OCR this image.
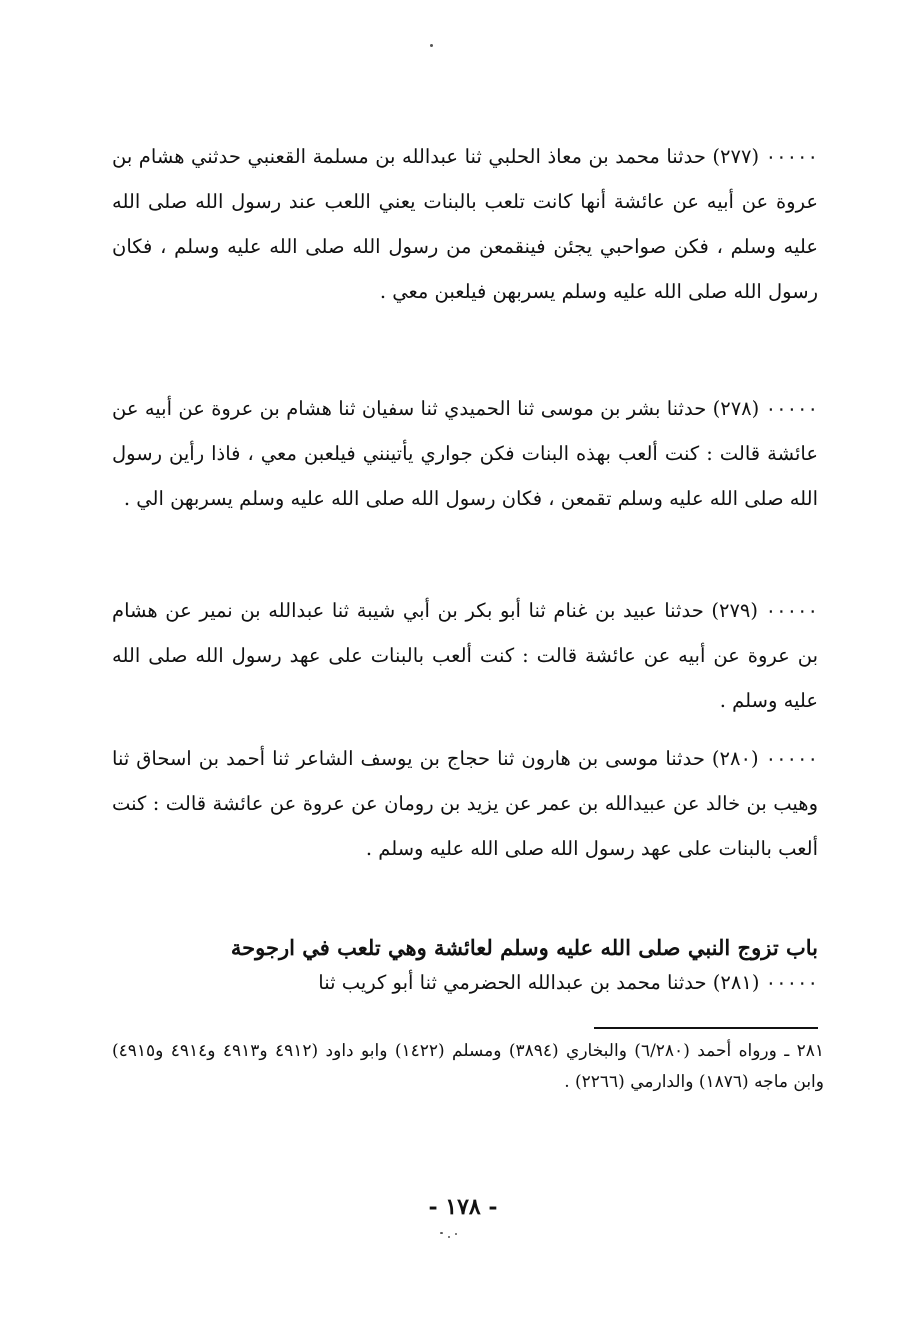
٠٠٠٠٠ (٢٧٧) حدثنا محمد بن معاذ الحلبي ثنا عبدالله بن مسلمة القعنبي حدثني هشام بن عروة عن أبيه عن عائشة أنها كانت تلعب بالبنات يعني اللعب عند رسول الله صلى الله عليه وسلم ، فكن صواحبي يجئن فينقمعن من رسول الله صلى الله عليه وسلم ، فكان رسول الله صلى الله عليه وسلم يسربهن فيلعبن معي .

٠٠٠٠٠ (٢٧٨) حدثنا بشر بن موسى ثنا الحميدي ثنا سفيان ثنا هشام بن عروة عن أبيه عن عائشة قالت : كنت ألعب بهذه البنات فكن جواري يأتينني فيلعبن معي ، فاذا رأين رسول الله صلى الله عليه وسلم تقمعن ، فكان رسول الله صلى الله عليه وسلم يسربهن الي .

٠٠٠٠٠ (٢٧٩) حدثنا عبيد بن غنام ثنا أبو بكر بن أبي شيبة ثنا عبدالله بن نمير عن هشام بن عروة عن أبيه عن عائشة قالت : كنت ألعب بالبنات على عهد رسول الله صلى الله عليه وسلم .

٠٠٠٠٠ (٢٨٠) حدثنا موسى بن هارون ثنا حجاج بن يوسف الشاعر ثنا أحمد بن اسحاق ثنا وهيب بن خالد عن عبيدالله بن عمر عن يزيد بن رومان عن عروة عن عائشة قالت : كنت ألعب بالبنات على عهد رسول الله صلى الله عليه وسلم .

باب تزوج النبي صلى الله عليه وسلم لعائشة وهي تلعب في ارجوحة

٠٠٠٠٠ (٢٨١) حدثنا محمد بن عبدالله الحضرمي ثنا أبو كريب ثنا

٢٨١ ـ ورواه أحمد (٦/٢٨٠) والبخاري (٣٨٩٤) ومسلم (١٤٢٢) وابو داود (٤٩١٢ و٤٩١٣ و٤٩١٤ و٤٩١٥) وابن ماجه (١٨٧٦) والدارمي (٢٢٦٦) .

- ١٧٨ -
